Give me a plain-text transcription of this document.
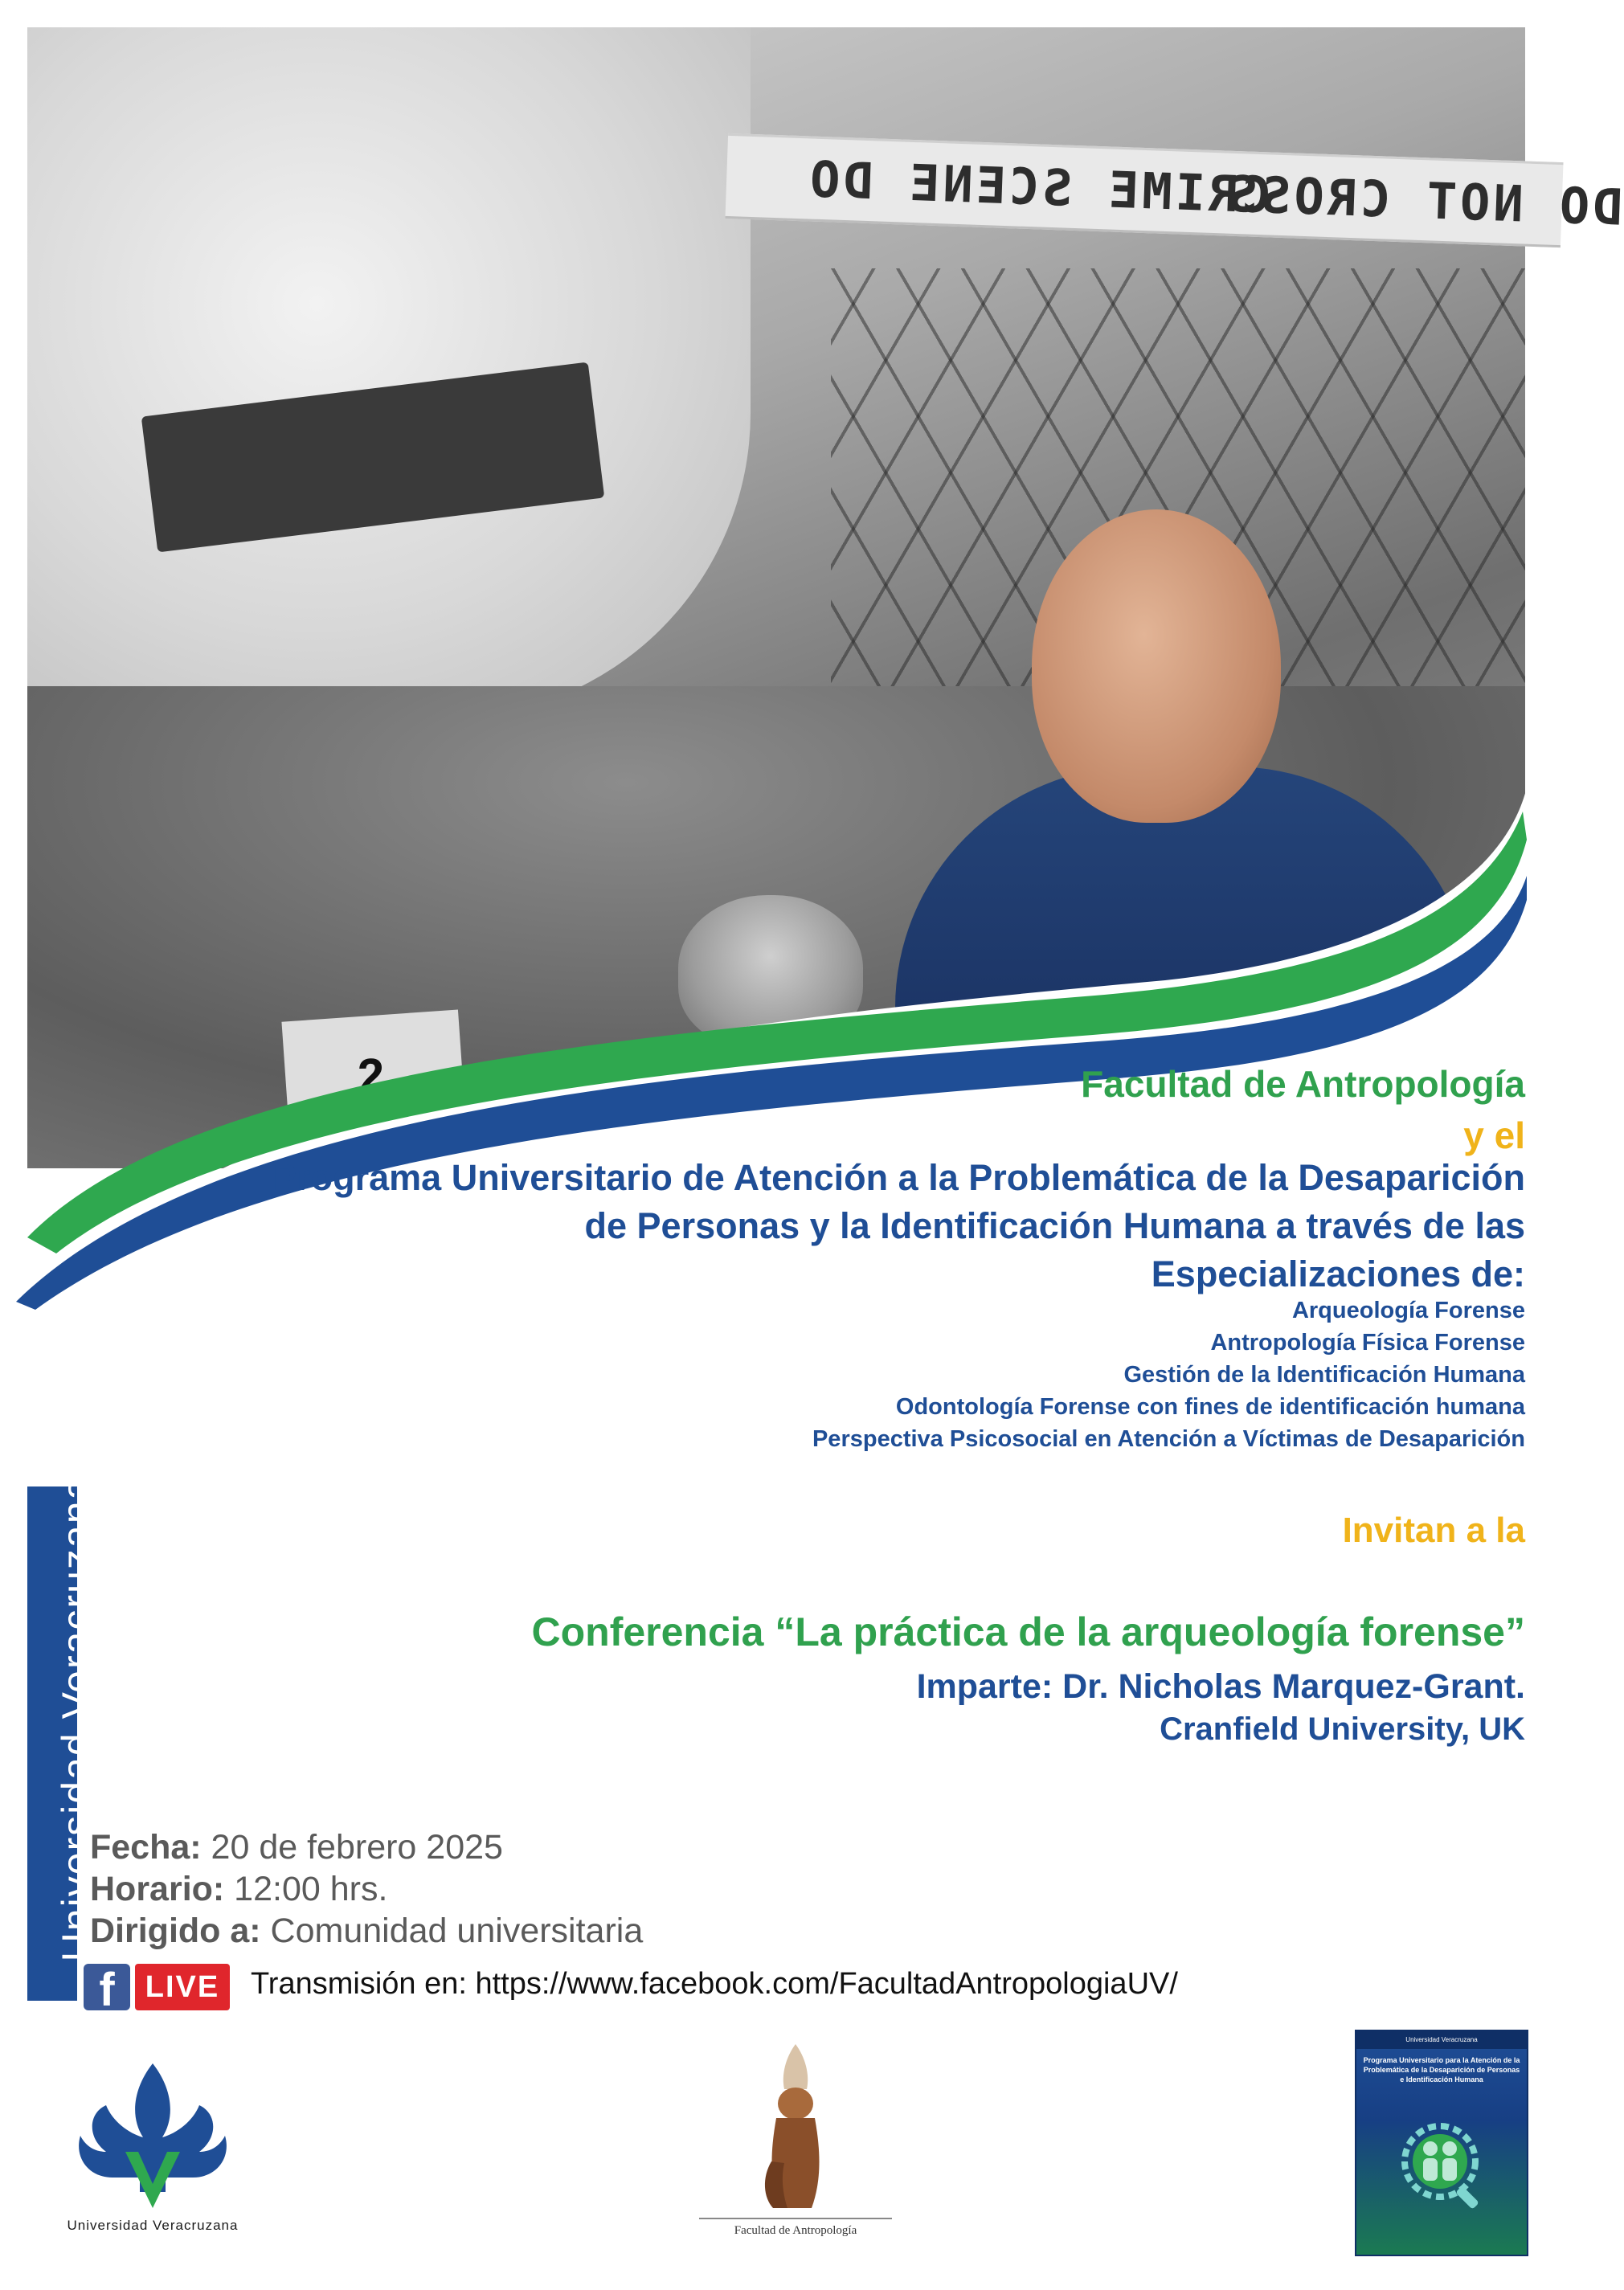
CRIME SCENE DO
DO NOT CROSS
2	Facultad de Antropología

y el

Programa Universitario de Atención a la Problemática de la Desaparición

de Personas y la Identificación Humana a través de las

Especializaciones de:

Arqueología Forense

Antropología Física Forense

Gestión de la Identificación Humana

Odontología Forense con fines de identificación humana

Perspectiva Psicosocial en Atención a Víctimas de Desaparición

Invitan a la

Conferencia “La práctica de la arqueología forense”

Imparte: Dr. Nicholas Marquez-Grant.

Cranfield University, UK

Universidad Veracruzana

Fecha: 20 de febrero 2025

Horario: 12:00 hrs.

Dirigido a: Comunidad universitaria

f	LIVE	Transmisión en: https://www.facebook.com/FacultadAntropologiaUV/
Universidad Veracruzana	Facultad de Antropología
Universidad Veracruzana
Programa Universitario para la Atención de la Problemática de la Desaparición de Personas e Identificación Humana
